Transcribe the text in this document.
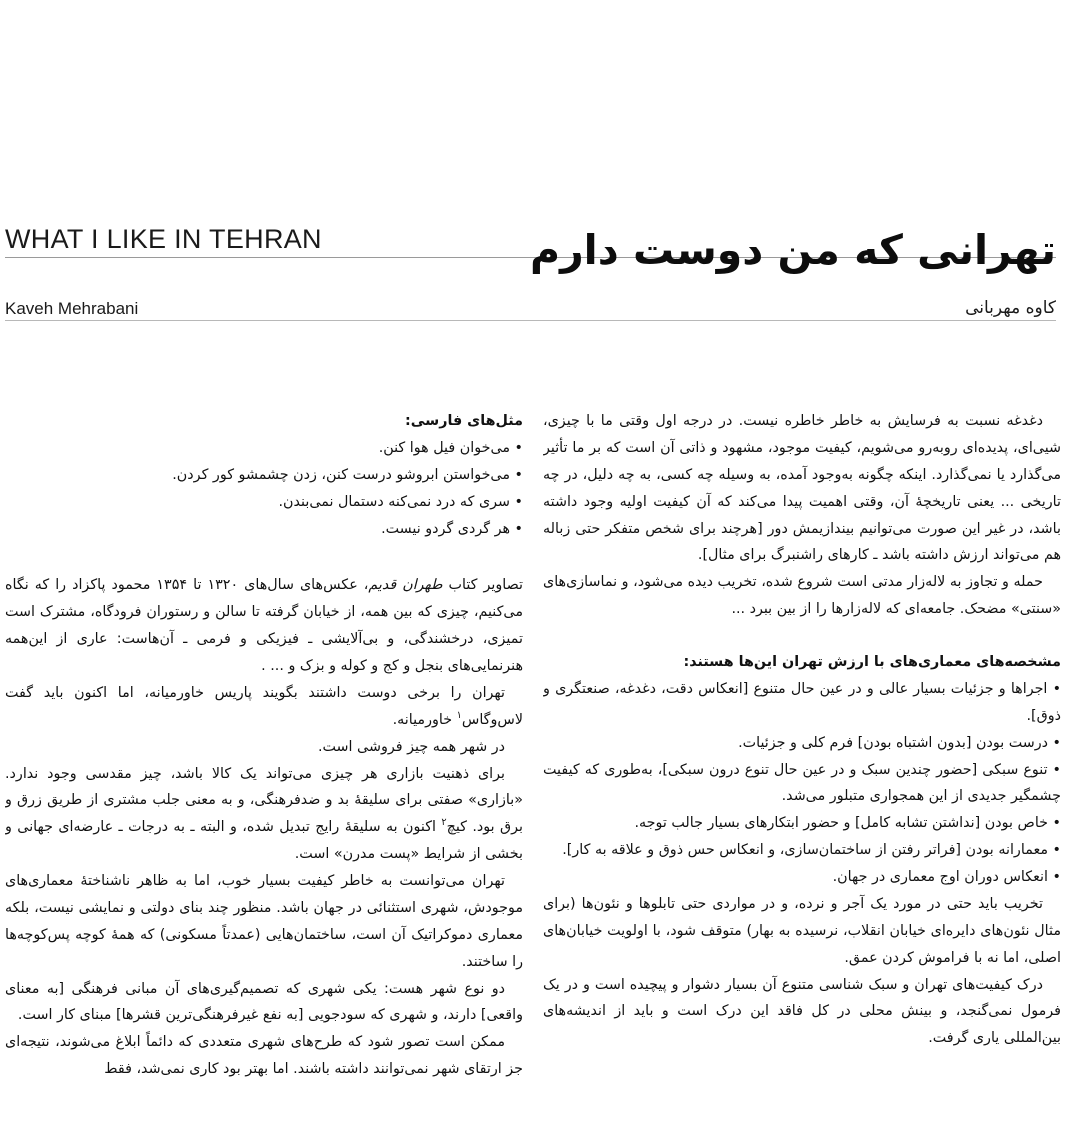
WHAT I LIKE IN TEHRAN	تهرانی که من دوست دارم
Kaveh Mehrabani	کاوه مهربانی

مثل‌های فارسی:

• می‌خوان فیل هوا کنن.
• می‌خواستن ابروشو درست کنن، زدن چشمشو کور کردن.
• سری که درد نمی‌کنه دستمال نمی‌بندن.
• هر گردی گردو نیست.

تصاویر کتاب طهران قدیم، عکس‌های سال‌های ۱۳۲۰ تا ۱۳۵۴ محمود پاکزاد را که نگاه می‌کنیم، چیزی که بین همه، از خیابان گرفته تا سالن و رستوران فرودگاه، مشترک است تمیزی، درخشندگی، و بی‌آلایشی ـ فیزیکی و فرمی ـ آن‌هاست: عاری از این‌همه هنرنمایی‌های بنجل و کج و کوله و بزک و ... .

تهران را برخی دوست داشتند بگویند پاریس خاورمیانه، اما اکنون باید گفت لاس‌وگاس$^۱$ خاورمیانه.

در شهر همه چیز فروشی است.

برای ذهنیت بازاری هر چیزی می‌تواند یک کالا باشد، چیز مقدسی وجود ندارد. «بازاری» صفتی برای سلیقۀ بد و ضدفرهنگی، و به معنی جلب مشتری از طریق زرق و برق بود. کیچ$^۲$ اکنون به سلیقۀ رایج تبدیل شده، و البته ـ به درجات ـ عارضه‌ای جهانی و بخشی از شرایط «پست مدرن» است.

تهران می‌توانست به خاطر کیفیت بسیار خوب، اما به ظاهر ناشناختۀ معماری‌های موجودش، شهری استثنائی در جهان باشد. منظور چند بنای دولتی و نمایشی نیست، بلکه معماری دموکراتیک آن است، ساختمان‌هایی (عمدتاً مسکونی) که همۀ کوچه پس‌کوچه‌ها را ساختند.

دو نوع شهر هست: یکی شهری که تصمیم‌گیری‌های آن مبانی فرهنگی [به معنای واقعی] دارند، و شهری که سودجویی [به نفع غیرفرهنگی‌ترین قشرها] مبنای کار است.

ممکن است تصور شود که طرح‌های شهری متعددی که دائماً ابلاغ می‌شوند، نتیجه‌ای جز ارتقای شهر نمی‌توانند داشته باشند. اما بهتر بود کاری نمی‌شد، فقط

دغدغه نسبت به فرسایش به خاطر خاطره نیست. در درجه اول وقتی ما با چیزی، شیی‌ای، پدیده‌ای روبه‌رو می‌شویم، کیفیت موجود، مشهود و ذاتی آن است که بر ما تأثیر می‌گذارد یا نمی‌گذارد. اینکه چگونه به‌وجود آمده، به وسیله چه کسی، به چه دلیل، در چه تاریخی ... یعنی تاریخچۀ آن، وقتی اهمیت پیدا می‌کند که آن کیفیت اولیه وجود داشته باشد، در غیر این صورت می‌توانیم بیندازیمش دور [هرچند برای شخص متفکر حتی زباله هم می‌تواند ارزش داشته باشد ـ کارهای راشنبرگ برای مثال].

حمله و تجاوز به لاله‌زار مدتی است شروع شده، تخریب دیده می‌شود، و نماسازی‌های «سنتی» مضحک. جامعه‌ای که لاله‌زارها را از بین ببرد ...

مشخصه‌های معماری‌های با ارزش تهران این‌ها هستند:

• اجراها و جزئیات بسیار عالی و در عین حال متنوع [انعکاس دقت، دغدغه، صنعتگری و ذوق].
• درست بودن [بدون اشتباه بودن] فرم کلی و جزئیات.
• تنوع سبکی [حضور چندین سبک و در عین حال تنوع درون سبکی]، به‌طوری که کیفیت چشمگیر جدیدی از این همجواری متبلور می‌شد.
• خاص بودن [نداشتن تشابه کامل] و حضور ابتکارهای بسیار جالب توجه.
• معمارانه بودن [فراتر رفتن از ساختمان‌سازی، و انعکاس حس ذوق و علاقه به کار].
• انعکاس دوران اوج معماری در جهان.

تخریب باید حتی در مورد یک آجر و نرده، و در مواردی حتی تابلوها و نئون‌ها (برای مثال نئون‌های دایره‌ای خیابان انقلاب، نرسیده به بهار) متوقف شود، با اولویت خیابان‌های اصلی، اما نه با فراموش کردن عمق.

درک کیفیت‌های تهران و سبک شناسی متنوع آن بسیار دشوار و پیچیده است و در یک فرمول نمی‌گنجد، و بینش محلی در کل فاقد این درک است و باید از اندیشه‌های بین‌المللی یاری گرفت.
